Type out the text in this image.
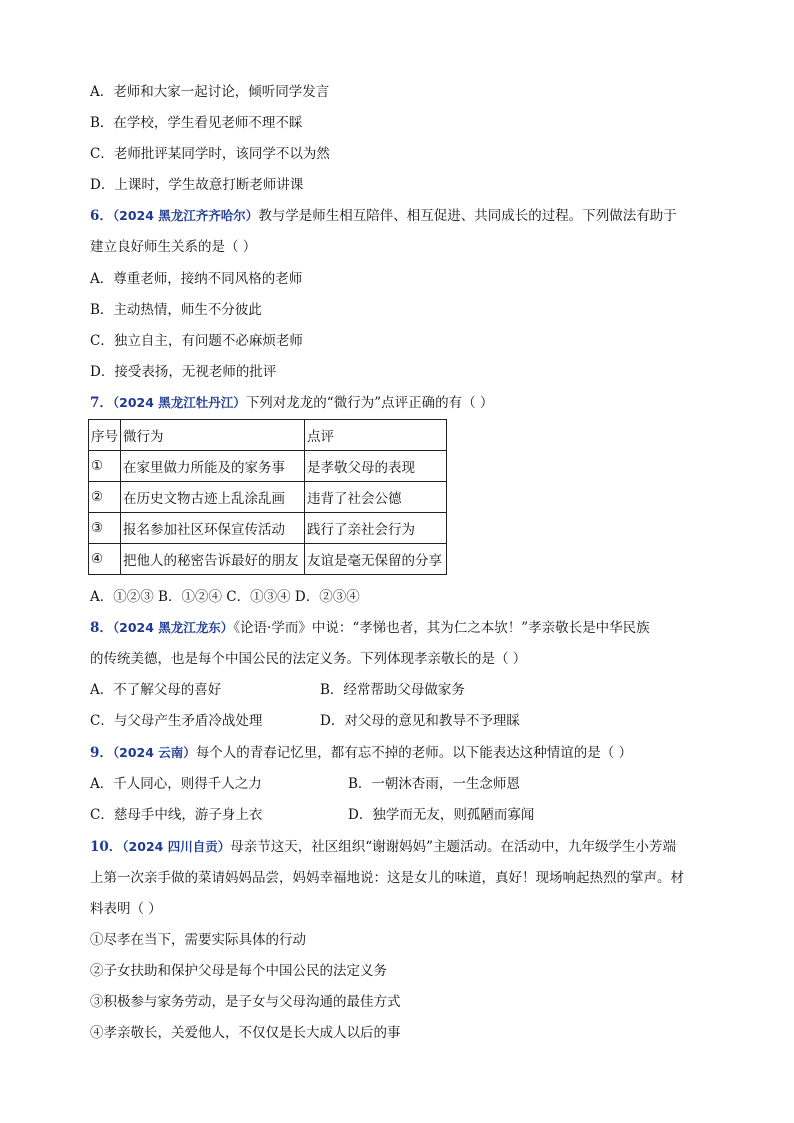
A．老师和大家一起讨论，倾听同学发言
B．在学校，学生看见老师不理不睬
C．老师批评某同学时，该同学不以为然
D．上课时，学生故意打断老师讲课
6．（2024 黑龙江齐齐哈尔）教与学是师生相互陪伴、相互促进、共同成长的过程。下列做法有助于
建立良好师生关系的是（ ）
A．尊重老师，接纳不同风格的老师
B．主动热情，师生不分彼此
C．独立自主，有问题不必麻烦老师
D．接受表扬，无视老师的批评
7．（2024 黑龙江牡丹江）下列对龙龙的“微行为”点评正确的有（ ）
序号	微行为	点评
①	在家里做力所能及的家务事	是孝敬父母的表现
②	在历史文物古迹上乱涂乱画	违背了社会公德
③	报名参加社区环保宣传活动	践行了亲社会行为
④	把他人的秘密告诉最好的朋友	友谊是毫无保留的分享
A．①②③ B．①②④ C．①③④ D．②③④
8．（2024 黑龙江龙东）《论语·学而》中说：“孝悌也者，其为仁之本欤！”孝亲敬长是中华民族
的传统美德，也是每个中国公民的法定义务。下列体现孝亲敬长的是（ ）
A．不了解父母的喜好	B．经常帮助父母做家务
C．与父母产生矛盾冷战处理	D．对父母的意见和教导不予理睬
9．（2024 云南）每个人的青春记忆里，都有忘不掉的老师。以下能表达这种情谊的是（ ）
A．千人同心，则得千人之力	B．一朝沐杏雨，一生念师恩
C．慈母手中线，游子身上衣	D．独学而无友，则孤陋而寡闻
10．（2024 四川自贡）母亲节这天，社区组织“谢谢妈妈”主题活动。在活动中，九年级学生小芳端
上第一次亲手做的菜请妈妈品尝，妈妈幸福地说：这是女儿的味道，真好！现场响起热烈的掌声。材
料表明（ ）
①尽孝在当下，需要实际具体的行动
②子女扶助和保护父母是每个中国公民的法定义务
③积极参与家务劳动，是子女与父母沟通的最佳方式
④孝亲敬长，关爱他人，不仅仅是长大成人以后的事
